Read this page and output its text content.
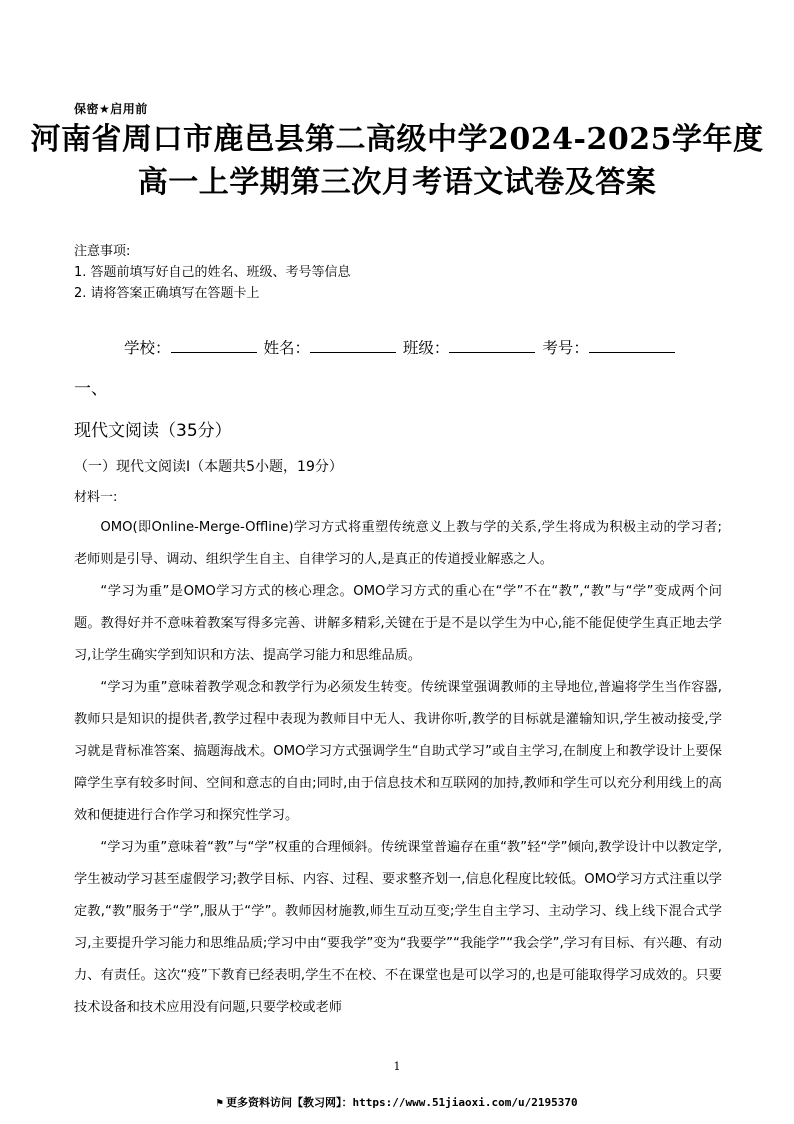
保密★启用前
河南省周口市鹿邑县第二高级中学2024-2025学年度
高一上学期第三次月考语文试卷及答案
注意事项:
1. 答题前填写好自己的姓名、班级、考号等信息
2. 请将答案正确填写在答题卡上
学校：	姓名：	班级：	考号：
一、
现代文阅读（35分）
（一）现代文阅读Ⅰ（本题共5小题，19分）
材料一:

OMO(即Online-Merge-Offline)学习方式将重塑传统意义上教与学的关系,学生将成为积极主动的学习者;老师则是引导、调动、组织学生自主、自律学习的人,是真正的传道授业解惑之人。

“学习为重”是OMO学习方式的核心理念。OMO学习方式的重心在“学”不在“教”,“教”与“学”变成两个问题。教得好并不意味着教案写得多完善、讲解多精彩,关键在于是不是以学生为中心,能不能促使学生真正地去学习,让学生确实学到知识和方法、提高学习能力和思维品质。

“学习为重”意味着教学观念和教学行为必须发生转变。传统课堂强调教师的主导地位,普遍将学生当作容器,教师只是知识的提供者,教学过程中表现为教师目中无人、我讲你听,教学的目标就是灌输知识,学生被动接受,学习就是背标准答案、搞题海战术。OMO学习方式强调学生“自助式学习”或自主学习,在制度上和教学设计上要保障学生享有较多时间、空间和意志的自由;同时,由于信息技术和互联网的加持,教师和学生可以充分利用线上的高效和便捷进行合作学习和探究性学习。

“学习为重”意味着“教”与“学”权重的合理倾斜。传统课堂普遍存在重“教”轻“学”倾向,教学设计中以教定学,学生被动学习甚至虚假学习;教学目标、内容、过程、要求整齐划一,信息化程度比较低。OMO学习方式注重以学定教,“教”服务于“学”,服从于“学”。教师因材施教,师生互动互变;学生自主学习、主动学习、线上线下混合式学习,主要提升学习能力和思维品质;学习中由“要我学”变为“我要学”“我能学”“我会学”,学习有目标、有兴趣、有动力、有责任。这次“疫”下教育已经表明,学生不在校、不在课堂也是可以学习的,也是可能取得学习成效的。只要技术设备和技术应用没有问题,只要学校或老师

1
⚑ 更多资料访问【教习网】：https://www.51jiaoxi.com/u/2195370
